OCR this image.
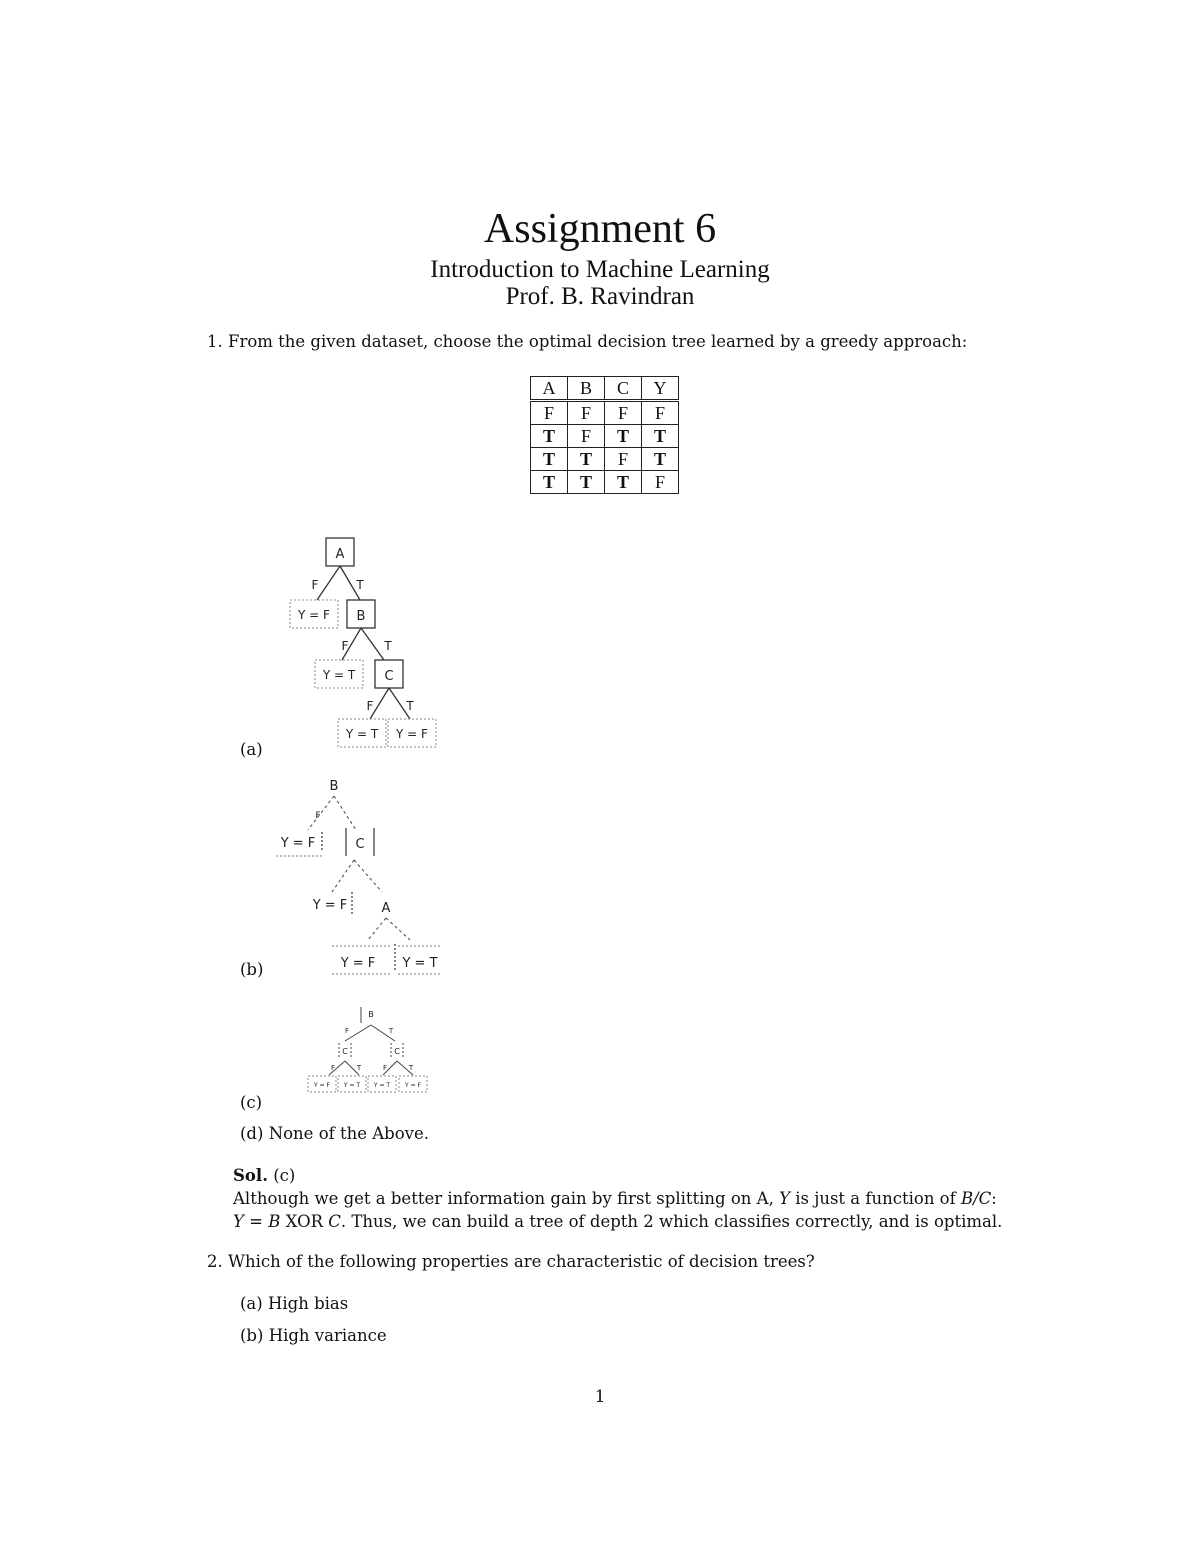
Assignment 6
Introduction to Machine Learning
Prof. B. Ravindran
1. From the given dataset, choose the optimal decision tree learned by a greedy approach:
A	B	C	Y
F	F	F	F
T	F	T	T
T	T	F	T
T	T	T	F
A
B
C
F	T
F	T
F	T
Y = F
Y = T
Y = T Y = F
(a)
B
C
A
F
Y = F
Y = F
Y = F Y = T
(b)
B
C	C
F	T
F	T	F	T
Y = F Y = T Y = T Y = F
(c)
(d) None of the Above.
Sol. (c)
Although we get a better information gain by first splitting on A, Y is just a function of B/C:
Y = B XOR C. Thus, we can build a tree of depth 2 which classifies correctly, and is optimal.
2. Which of the following properties are characteristic of decision trees?
(a) High bias
(b) High variance
1
